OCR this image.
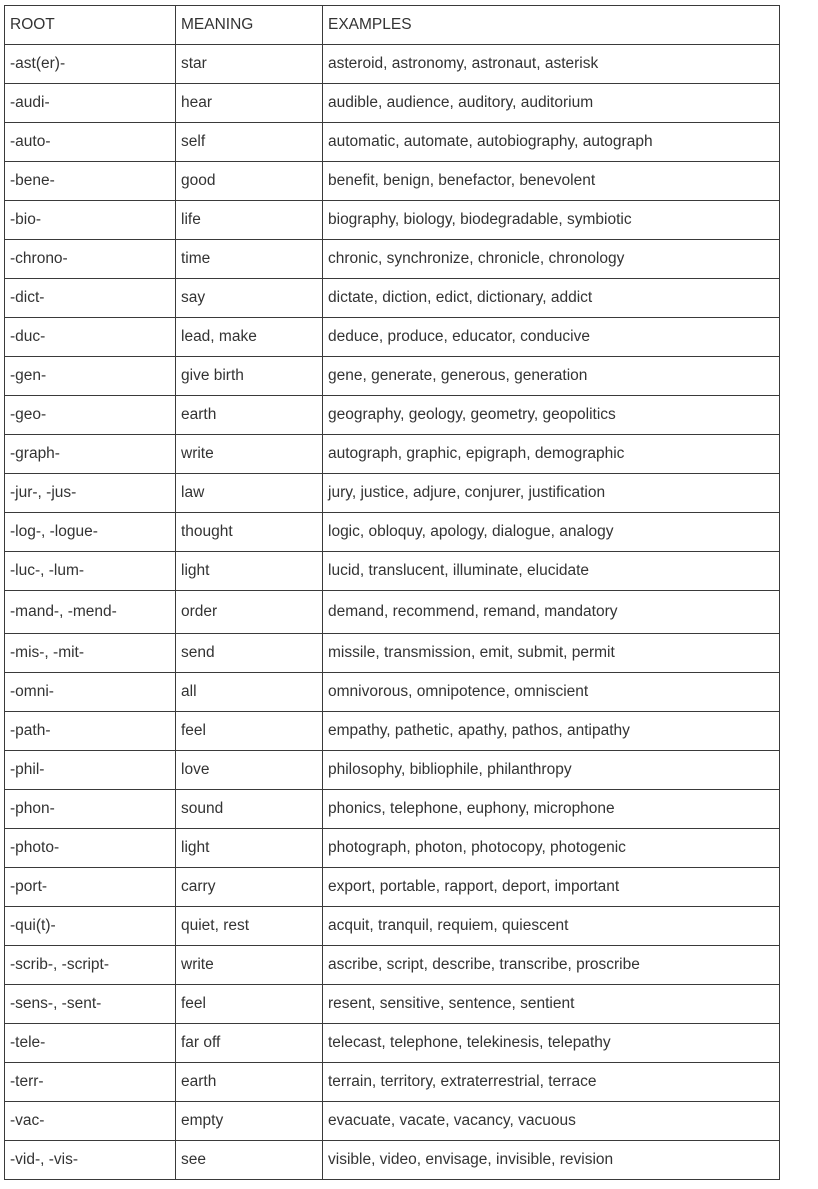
ROOT	MEANING	EXAMPLES
-ast(er)-	star	asteroid, astronomy, astronaut, asterisk
-audi-	hear	audible, audience, auditory, auditorium
-auto-	self	automatic, automate, autobiography, autograph
-bene-	good	benefit, benign, benefactor, benevolent
-bio-	life	biography, biology, biodegradable, symbiotic
-chrono-	time	chronic, synchronize, chronicle, chronology
-dict-	say	dictate, diction, edict, dictionary, addict
-duc-	lead, make	deduce, produce, educator, conducive
-gen-	give birth	gene, generate, generous, generation
-geo-	earth	geography, geology, geometry, geopolitics
-graph-	write	autograph, graphic, epigraph, demographic
-jur-, -jus-	law	jury, justice, adjure, conjurer, justification
-log-, -logue-	thought	logic, obloquy, apology, dialogue, analogy
-luc-, -lum-	light	lucid, translucent, illuminate, elucidate
-mand-, -mend-	order	demand, recommend, remand, mandatory
-mis-, -mit-	send	missile, transmission, emit, submit, permit
-omni-	all	omnivorous, omnipotence, omniscient
-path-	feel	empathy, pathetic, apathy, pathos, antipathy
-phil-	love	philosophy, bibliophile, philanthropy
-phon-	sound	phonics, telephone, euphony, microphone
-photo-	light	photograph, photon, photocopy, photogenic
-port-	carry	export, portable, rapport, deport, important
-qui(t)-	quiet, rest	acquit, tranquil, requiem, quiescent
-scrib-, -script-	write	ascribe, script, describe, transcribe, proscribe
-sens-, -sent-	feel	resent, sensitive, sentence, sentient
-tele-	far off	telecast, telephone, telekinesis, telepathy
-terr-	earth	terrain, territory, extraterrestrial, terrace
-vac-	empty	evacuate, vacate, vacancy, vacuous
-vid-, -vis-	see	visible, video, envisage, invisible, revision
